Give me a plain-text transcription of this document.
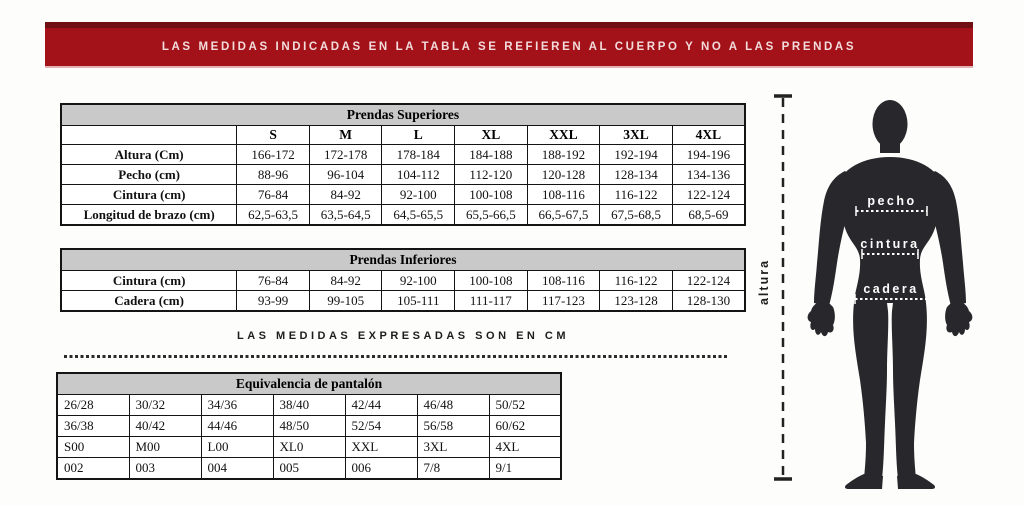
LAS MEDIDAS INDICADAS EN LA TABLA SE REFIEREN AL CUERPO Y NO A LAS PRENDAS
Prendas Superiores							
	S	M	L	XL	XXL	3XL	4XL
Altura (Cm)	166-172	172-178	178-184	184-188	188-192	192-194	194-196
Pecho (cm)	88-96	96-104	104-112	112-120	120-128	128-134	134-136
Cintura (cm)	76-84	84-92	92-100	100-108	108-116	116-122	122-124
Longitud de brazo (cm)	62,5-63,5	63,5-64,5	64,5-65,5	65,5-66,5	66,5-67,5	67,5-68,5	68,5-69
Prendas Inferiores							
Cintura (cm)	76-84	84-92	92-100	100-108	108-116	116-122	122-124
Cadera (cm)	93-99	99-105	105-111	111-117	117-123	123-128	128-130
LAS MEDIDAS EXPRESADAS SON EN CM
Equivalencia de pantalón						
26/28	30/32	34/36	38/40	42/44	46/48	50/52
36/38	40/42	44/46	48/50	52/54	56/58	60/62
S00	M00	L00	XL0	XXL	3XL	4XL
002	003	004	005	006	7/8	9/1
altura
pecho
cintura
cadera
